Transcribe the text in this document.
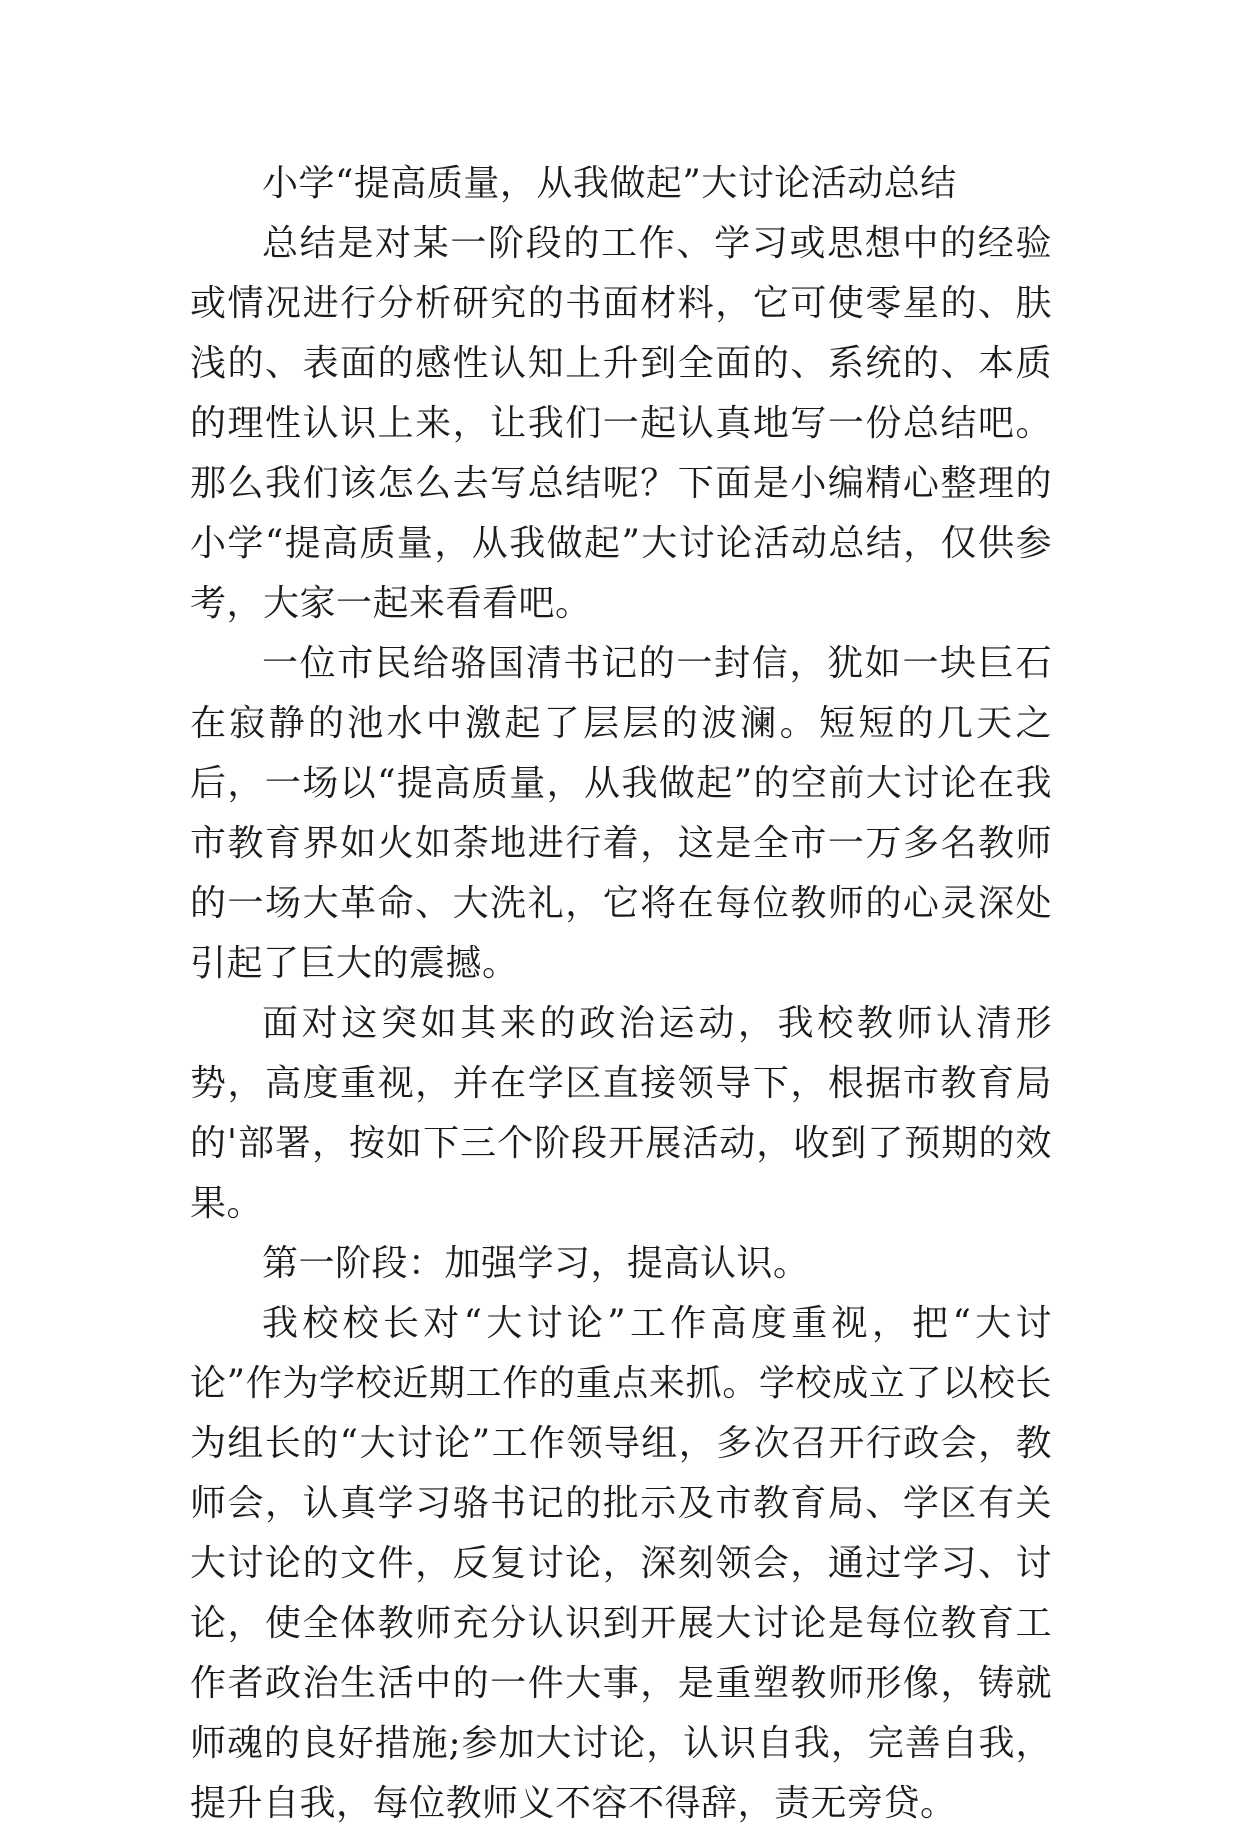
小学“提高质量，从我做起”大讨论活动总结

总结是对某一阶段的工作、学习或思想中的经验或情况进行分析研究的书面材料，它可使零星的、肤浅的、表面的感性认知上升到全面的、系统的、本质的理性认识上来，让我们一起认真地写一份总结吧。那么我们该怎么去写总结呢？下面是小编精心整理的小学“提高质量，从我做起”大讨论活动总结，仅供参考，大家一起来看看吧。

一位市民给骆国清书记的一封信，犹如一块巨石在寂静的池水中激起了层层的波澜。短短的几天之后，一场以“提高质量，从我做起”的空前大讨论在我市教育界如火如荼地进行着，这是全市一万多名教师的一场大革命、大洗礼，它将在每位教师的心灵深处引起了巨大的震撼。

面对这突如其来的政治运动，我校教师认清形势，高度重视，并在学区直接领导下，根据市教育局的'部署，按如下三个阶段开展活动，收到了预期的效果。

第一阶段：加强学习，提高认识。

我校校长对“大讨论”工作高度重视，把“大讨论”作为学校近期工作的重点来抓。学校成立了以校长为组长的“大讨论”工作领导组，多次召开行政会，教师会，认真学习骆书记的批示及市教育局、学区有关大讨论的文件，反复讨论，深刻领会，通过学习、讨论，使全体教师充分认识到开展大讨论是每位教育工作者政治生活中的一件大事，是重塑教师形像，铸就师魂的良好措施;参加大讨论，认识自我，完善自我，提升自我，每位教师义不容不得辞，责无旁贷。
